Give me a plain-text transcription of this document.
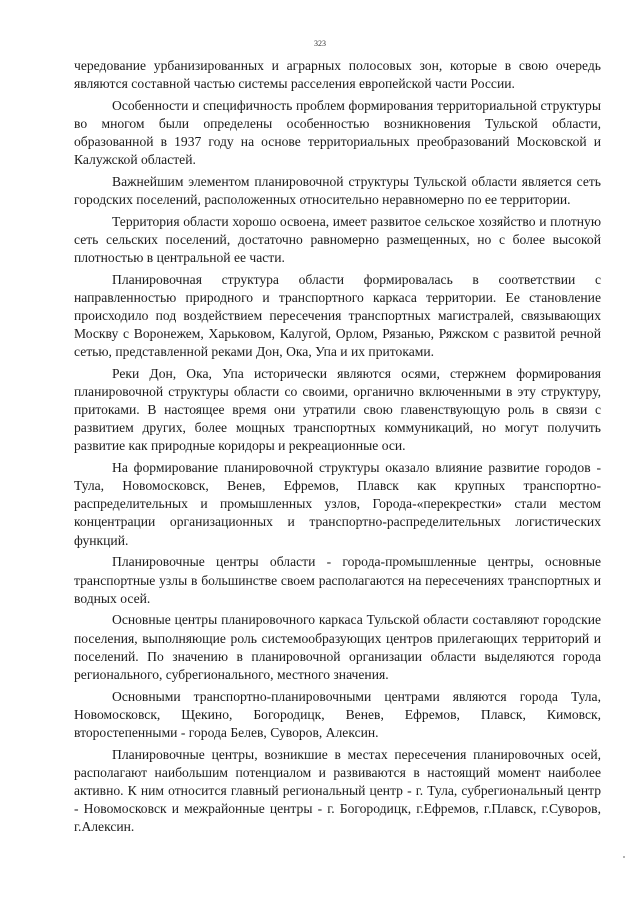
323

чередование урбанизированных и аграрных полосовых зон, которые в свою очередь являются составной частью системы расселения европейской части России.

Особенности и специфичность проблем формирования территориальной структуры во многом были определены особенностью возникновения Тульской области, образованной в 1937 году на основе территориальных преобразований Московской и Калужской областей.

Важнейшим элементом планировочной структуры Тульской области является сеть городских поселений, расположенных относительно неравномерно по ее территории.

Территория области хорошо освоена, имеет развитое сельское хозяйство и плотную сеть сельских поселений, достаточно равномерно размещенных, но с более высокой плотностью в центральной ее части.

Планировочная структура области формировалась в соответствии с направленностью природного и транспортного каркаса территории. Ее становление происходило под воздействием пересечения транспортных магистралей, связывающих Москву с Воронежем, Харьковом, Калугой, Орлом, Рязанью, Ряжском с развитой речной сетью, представленной реками Дон, Ока, Упа и их притоками.

Реки Дон, Ока, Упа исторически являются осями, стержнем формирования планировочной структуры области со своими, органично включенными в эту структуру, притоками. В настоящее время они утратили свою главенствующую роль в связи с развитием других, более мощных транспортных коммуникаций, но могут получить развитие как природные коридоры и рекреационные оси.

На формирование планировочной структуры оказало влияние развитие городов - Тула, Новомосковск, Венев, Ефремов, Плавск как крупных транспортно-распределительных и промышленных узлов, Города-«перекрестки» стали местом концентрации организационных и транспортно-распределительных логистических функций.

Планировочные центры области - города-промышленные центры, основные транспортные узлы в большинстве своем располагаются на пересечениях транспортных и водных осей.

Основные центры планировочного каркаса Тульской области составляют городские поселения, выполняющие роль системообразующих центров прилегающих территорий и поселений. По значению в планировочной организации области выделяются города регионального, субрегионального, местного значения.

Основными транспортно-планировочными центрами являются города Тула, Новомосковск, Щекино, Богородицк, Венев, Ефремов, Плавск, Кимовск, второстепенными - города Белев, Суворов, Алексин.

Планировочные центры, возникшие в местах пересечения планировочных осей, располагают наибольшим потенциалом и развиваются в настоящий момент наиболее активно. К ним относится главный региональный центр - г. Тула, субрегиональный центр - Новомосковск и межрайонные центры - г. Богородицк, г.Ефремов, г.Плавск, г.Суворов, г.Алексин.
